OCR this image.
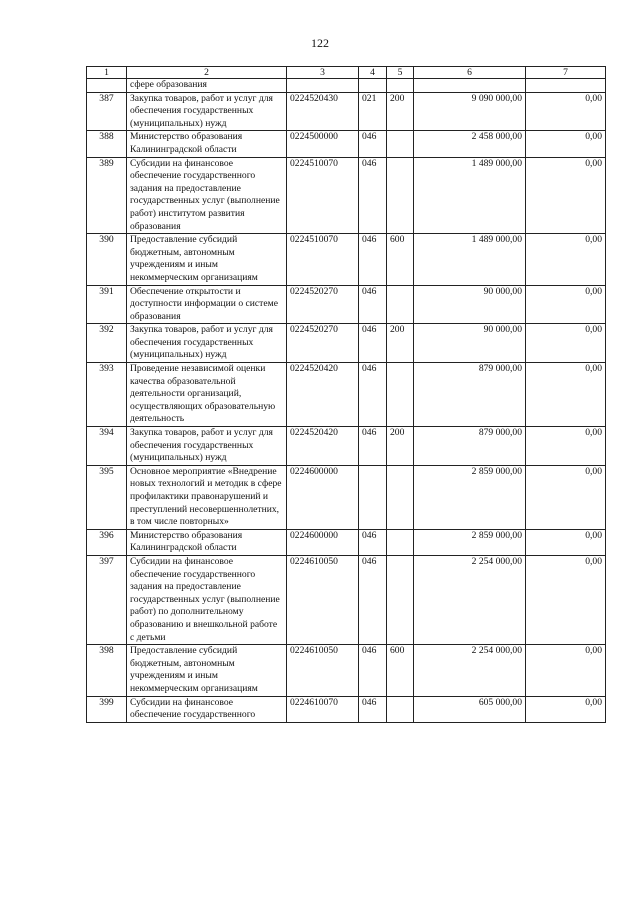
122
1	2	3	4	5	6	7
	сфере образования					
387	Закупка товаров, работ и услуг для обеспечения государственных (муниципальных) нужд	0224520430	021	200	9 090 000,00	0,00
388	Министерство образования Калининградской области	0224500000	046		2 458 000,00	0,00
389	Субсидии на финансовое обеспечение государственного задания на предоставление государственных услуг (выполнение работ) институтом развития образования	0224510070	046		1 489 000,00	0,00
390	Предоставление субсидий бюджетным, автономным учреждениям и иным некоммерческим организациям	0224510070	046	600	1 489 000,00	0,00
391	Обеспечение открытости и доступности информации о системе образования	0224520270	046		90 000,00	0,00
392	Закупка товаров, работ и услуг для обеспечения государственных (муниципальных) нужд	0224520270	046	200	90 000,00	0,00
393	Проведение независимой оценки качества образовательной деятельности организаций, осуществляющих образовательную деятельность	0224520420	046		879 000,00	0,00
394	Закупка товаров, работ и услуг для обеспечения государственных (муниципальных) нужд	0224520420	046	200	879 000,00	0,00
395	Основное мероприятие «Внедрение новых технологий и методик в сфере профилактики правонарушений и преступлений несовершеннолетних, в том числе повторных»	0224600000			2 859 000,00	0,00
396	Министерство образования Калининградской области	0224600000	046		2 859 000,00	0,00
397	Субсидии на финансовое обеспечение государственного задания на предоставление государственных услуг (выполнение работ) по дополнительному образованию и внешкольной работе с детьми	0224610050	046		2 254 000,00	0,00
398	Предоставление субсидий бюджетным, автономным учреждениям и иным некоммерческим организациям	0224610050	046	600	2 254 000,00	0,00
399	Субсидии на финансовое обеспечение государственного	0224610070	046		605 000,00	0,00
